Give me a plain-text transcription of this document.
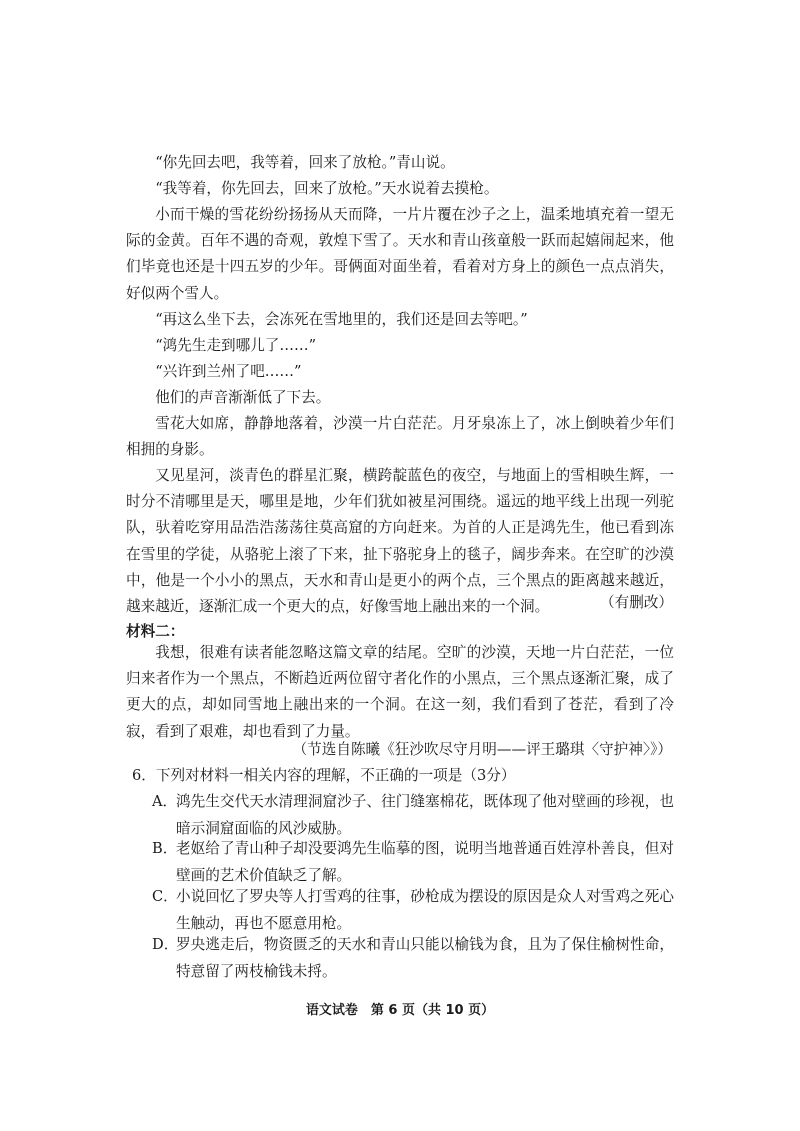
“你先回去吧，我等着，回来了放枪。”青山说。

“我等着，你先回去，回来了放枪。”天水说着去摸枪。

小而干燥的雪花纷纷扬扬从天而降，一片片覆在沙子之上，温柔地填充着一望无际的金黄。百年不遇的奇观，敦煌下雪了。天水和青山孩童般一跃而起嬉闹起来，他们毕竟也还是十四五岁的少年。哥俩面对面坐着，看着对方身上的颜色一点点消失，好似两个雪人。

“再这么坐下去，会冻死在雪地里的，我们还是回去等吧。”

“鸿先生走到哪儿了……”

“兴许到兰州了吧……”

他们的声音渐渐低了下去。

雪花大如席，静静地落着，沙漠一片白茫茫。月牙泉冻上了，冰上倒映着少年们相拥的身影。

又见星河，淡青色的群星汇聚，横跨靛蓝色的夜空，与地面上的雪相映生辉，一时分不清哪里是天，哪里是地，少年们犹如被星河围绕。遥远的地平线上出现一列驼队，驮着吃穿用品浩浩荡荡往莫高窟的方向赶来。为首的人正是鸿先生，他已看到冻在雪里的学徒，从骆驼上滚了下来，扯下骆驼身上的毯子，阔步奔来。在空旷的沙漠中，他是一个小小的黑点，天水和青山是更小的两个点，三个黑点的距离越来越近，越来越近，逐渐汇成一个更大的点，好像雪地上融出来的一个洞。	（有删改）
材料二：

我想，很难有读者能忽略这篇文章的结尾。空旷的沙漠，天地一片白茫茫，一位归来者作为一个黑点，不断趋近两位留守者化作的小黑点，三个黑点逐渐汇聚，成了更大的点，却如同雪地上融出来的一个洞。在这一刻，我们看到了苍茫，看到了冷寂，看到了艰难，却也看到了力量。

（节选自陈曦《狂沙吹尽守月明——评王璐琪〈守护神〉》）
6．下列对材料一相关内容的理解，不正确的一项是（3分）
A．
鸿先生交代天水清理洞窟沙子、往门缝塞棉花，既体现了他对壁画的珍视，也暗示洞窟面临的风沙威胁。
B．
老妪给了青山种子却没要鸿先生临摹的图，说明当地普通百姓淳朴善良，但对壁画的艺术价值缺乏了解。
C．
小说回忆了罗央等人打雪鸡的往事，砂枪成为摆设的原因是众人对雪鸡之死心生触动，再也不愿意用枪。
D．
罗央逃走后，物资匮乏的天水和青山只能以榆钱为食，且为了保住榆树性命，特意留了两枝榆钱未捋。
语文试卷　第 6 页（共 10 页）
